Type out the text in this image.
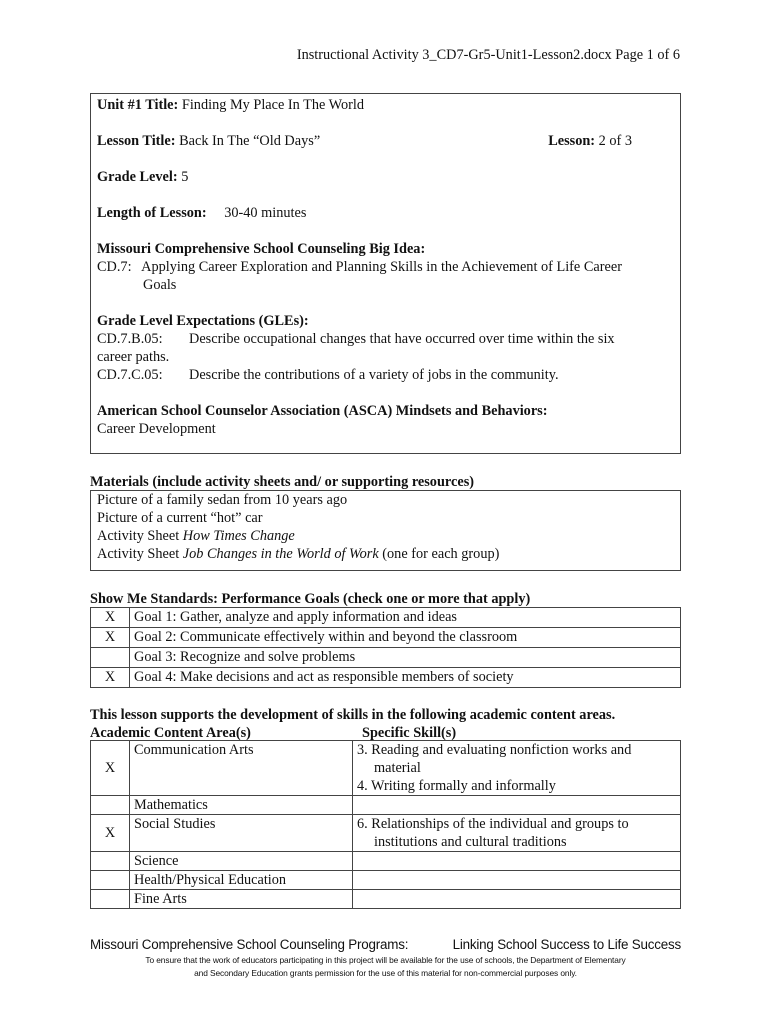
Instructional Activity 3_CD7-Gr5-Unit1-Lesson2.docx Page 1 of 6
Unit #1 Title: Finding My Place In The World
Lesson Title: Back In The “Old Days”	Lesson: 2 of 3
Grade Level: 5
Length of Lesson: 30-40 minutes
Missouri Comprehensive School Counseling Big Idea:
CD.7: Applying Career Exploration and Planning Skills in the Achievement of Life Career
Goals
Grade Level Expectations (GLEs):
CD.7.B.05: Describe occupational changes that have occurred over time within the six
career paths.
CD.7.C.05: Describe the contributions of a variety of jobs in the community.
American School Counselor Association (ASCA) Mindsets and Behaviors:
Career Development
Materials (include activity sheets and/ or supporting resources)
Picture of a family sedan from 10 years ago
Picture of a current “hot” car
Activity Sheet How Times Change
Activity Sheet Job Changes in the World of Work (one for each group)
Show Me Standards: Performance Goals (check one or more that apply)
X	Goal 1: Gather, analyze and apply information and ideas
X	Goal 2: Communicate effectively within and beyond the classroom
	Goal 3: Recognize and solve problems
X	Goal 4: Make decisions and act as responsible members of society
This lesson supports the development of skills in the following academic content areas.
Academic Content Area(s)	Specific Skill(s)
X	Communication Arts	3. Reading and evaluating nonfiction works and material
4. Writing formally and informally

	Mathematics	
X	Social Studies	6. Relationships of the individual and groups to institutions and cultural traditions

	Science	
	Health/Physical Education	
	Fine Arts	
Missouri Comprehensive School Counseling Programs:	Linking School Success to Life Success
To ensure that the work of educators participating in this project will be available for the use of schools, the Department of Elementary
and Secondary Education grants permission for the use of this material for non-commercial purposes only.
